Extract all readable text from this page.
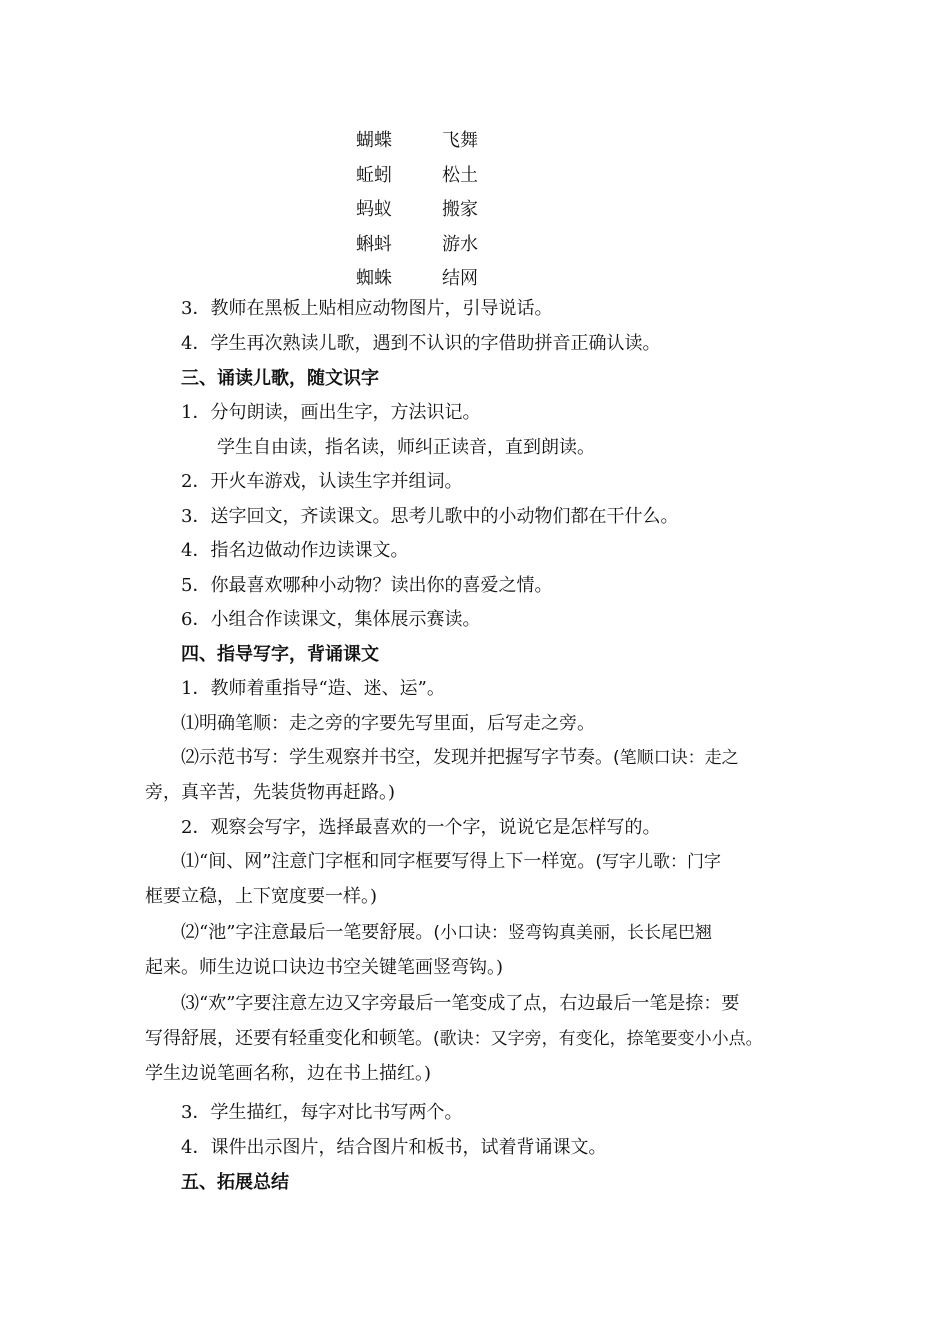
蝴蝶	飞舞
蚯蚓	松土
蚂蚁	搬家
蝌蚪	游水
蜘蛛	结网
3．教师在黑板上贴相应动物图片，引导说话。
4．学生再次熟读儿歌，遇到不认识的字借助拼音正确认读。
三、诵读儿歌，随文识字
1．分句朗读，画出生字，方法识记。
学生自由读，指名读，师纠正读音，直到朗读。
2．开火车游戏，认读生字并组词。
3．送字回文，齐读课文。思考儿歌中的小动物们都在干什么。
4．指名边做动作边读课文。
5．你最喜欢哪种小动物？读出你的喜爱之情。
6．小组合作读课文，集体展示赛读。
四、指导写字，背诵课文
1．教师着重指导“造、迷、运”。
⑴明确笔顺：走之旁的字要先写里面，后写走之旁。
⑵示范书写：学生观察并书空，发现并把握写字节奏。(笔顺口诀：走之
旁，真辛苦，先装货物再赶路。)
2．观察会写字，选择最喜欢的一个字，说说它是怎样写的。
⑴“间、网”注意门字框和同字框要写得上下一样宽。(写字儿歌：门字
框要立稳，上下宽度要一样。)
⑵“池”字注意最后一笔要舒展。(小口诀：竖弯钩真美丽，长长尾巴翘
起来。师生边说口诀边书空关键笔画竖弯钩。)
⑶“欢”字要注意左边又字旁最后一笔变成了点，右边最后一笔是捺：要
写得舒展，还要有轻重变化和顿笔。(歌诀：又字旁，有变化，捺笔要变小小点。
学生边说笔画名称，边在书上描红。)
3．学生描红，每字对比书写两个。
4．课件出示图片，结合图片和板书，试着背诵课文。
五、拓展总结
